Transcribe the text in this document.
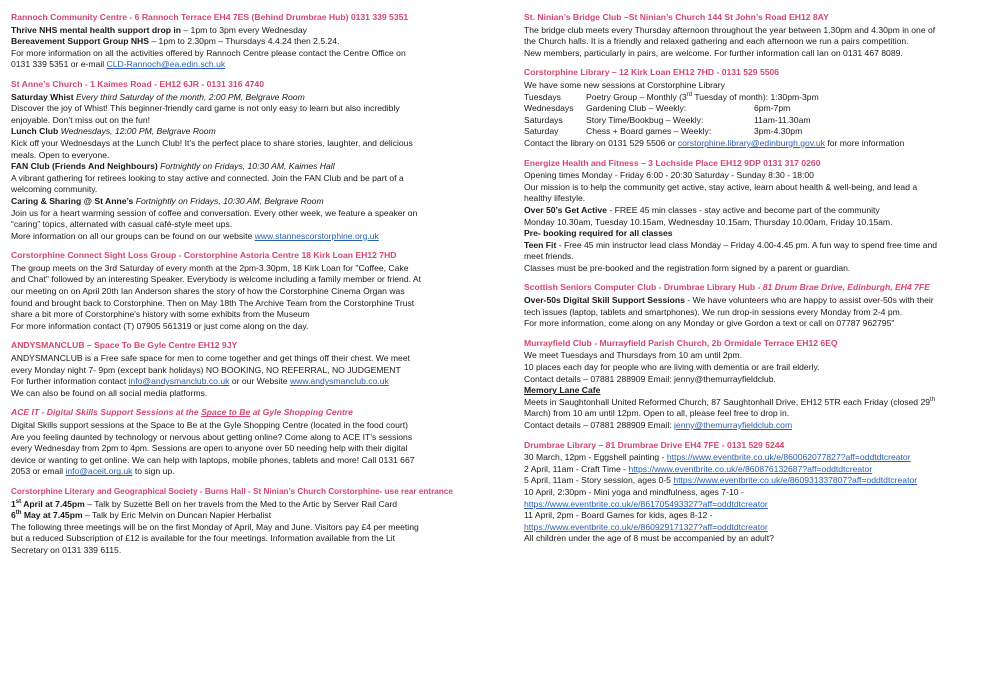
Rannoch Community Centre - 6 Rannoch Terrace EH4 7ES (Behind Drumbrae Hub) 0131 339 5351
Thrive NHS mental health support drop in – 1pm to 3pm every Wednesday
Bereavement Support Group NHS – 1pm to 2.30pm – Thursdays 4.4.24 then 2.5.24.
For more information on all the activities offered by Rannoch Centre please contact the Centre Office on
0131 339 5351 or e-mail CLD-Rannoch@ea.edin.sch.uk
St Anne’s Church - 1 Kaimes Road - EH12 6JR - 0131 316 4740
Saturday Whist Every third Saturday of the month, 2:00 PM, Belgrave Room
Discover the joy of Whist! This beginner-friendly card game is not only easy to learn but also incredibly
enjoyable. Don’t miss out on the fun!
Lunch Club Wednesdays, 12:00 PM, Belgrave Room
Kick off your Wednesdays at the Lunch Club! It’s the perfect place to share stories, laughter, and delicious
meals. Open to everyone.
FAN Club (Friends And Neighbours) Fortnightly on Fridays, 10:30 AM, Kaimes Hall
A vibrant gathering for retirees looking to stay active and connected. Join the FAN Club and be part of a
welcoming community.
Caring & Sharing @ St Anne’s Fortnightly on Fridays, 10:30 AM, Belgrave Room
Join us for a heart warming session of coffee and conversation. Every other week, we feature a speaker on
“caring” topics, alternated with casual café-style meet ups.
More information on all our groups can be found on our website www.stannescorstorphine.org.uk
Corstorphine Connect Sight Loss Group - Corstorphine Astoria Centre 18 Kirk Loan EH12 7HD
The group meets on the 3rd Saturday of every month at the 2pm-3.30pm, 18 Kirk Loan for "Coffee, Cake
and Chat" followed by an interesting Speaker. Everybody is welcome including a family member or friend. At
our meeting on on April 20th Ian Anderson shares the story of how the Corstorphine Cinema Organ was
found and brought back to Corstorphine. Then on May 18th The Archive Team from the Corstorphine Trust
share a bit more of Corstorphine's history with some exhibits from the Museum
For more information contact (T) 07905 561319 or just come along on the day.
ANDYSMANCLUB – Space To Be Gyle Centre EH12 9JY
ANDYSMANCLUB is a Free safe space for men to come together and get things off their chest. We meet
every Monday night 7- 9pm (except bank holidays) NO BOOKING, NO REFERRAL, NO JUDGEMENT
For further information contact info@andysmanclub.co.uk or our Website www.andysmanclub.co.uk
We can also be found on all social media platforms.
ACE IT - Digital Skills Support Sessions at the Space to Be at Gyle Shopping Centre
Digital Skills support sessions at the Space to Be at the Gyle Shopping Centre (located in the food court)
Are you feeling daunted by technology or nervous about getting online? Come along to ACE IT’s sessions
every Wednesday from 2pm to 4pm. Sessions are open to anyone over 50 needing help with their digital
device or wanting to get online. We can help with laptops, mobile phones, tablets and more! Call 0131 667
2053 or email info@aceit.org.uk to sign up.
Corstorphine Literary and Geographical Society - Burns Hall - St Ninian’s Church Corstorphine- use rear entrance
1st April at 7.45pm – Talk by Suzette Bell on her travels from the Med to the Artic by Server Rail Card
6th May at 7.45pm – Talk by Eric Melvin on Duncan Napier Herbalist
The following three meetings will be on the first Monday of April, May and June. Visitors pay £4 per meeting
but a reduced Subscription of £12 is available for the four meetings. Information available from the Lit
Secretary on 0131 339 6115.
St. Ninian’s Bridge Club –St Ninian’s Church 144 St John’s Road EH12 8AY
The bridge club meets every Thursday afternoon throughout the year between 1.30pm and 4.30pm in one of
the Church halls. It is a friendly and relaxed gathering and each afternoon we run a pairs competition.
New members, particularly in pairs, are welcome. For further information call Ian on 0131 467 8089.
Corstorphine Library – 12 Kirk Loan EH12 7HD - 0131 529 5506
We have some new sessions at Corstorphine Library
Tuesdays	Poetry Group – Monthly (3rd Tuesday of month): 1:30pm-3pm
Wednesdays	Gardening Club – Weekly:	6pm-7pm
Saturdays	Story Time/Bookbug – Weekly:	11am-11.30am
Saturday	Chess + Board games – Weekly:	3pm-4.30pm
Contact the library on 0131 529 5506 or corstorphine.library@edinburgh.gov.uk for more information
Energize Health and Fitness – 3 Lochside Place EH12 9DP 0131 317 0260
Opening times Monday - Friday 6:00 - 20:30 Saturday - Sunday 8:30 - 18:00
Our mission is to help the community get active, stay active, learn about health & well-being, and lead a
healthy lifestyle.
Over 50’s Get Active - FREE 45 min classes - stay active and become part of the community
Monday 10.30am, Tuesday 10.15am, Wednesday 10.15am, Thursday 10.00am, Friday 10.15am.
Pre- booking required for all classes
Teen Fit - Free 45 min instructor lead class Monday – Friday 4.00-4.45 pm. A fun way to spend free time and
meet friends.
Classes must be pre-booked and the registration form signed by a parent or guardian.
Scottish Seniors Computer Club - Drumbrae Library Hub - 81 Drum Brae Drive, Edinburgh, EH4 7FE
Over-50s Digital Skill Support Sessions - We have volunteers who are happy to assist over-50s with their
tech issues (laptop, tablets and smartphones). We run drop-in sessions every Monday from 2-4 pm.
For more information, come along on any Monday or give Gordon a text or call on 07787 962795"
Murrayfield Club - Murrayfield Parish Church, 2b Ormidale Terrace EH12 6EQ
We meet Tuesdays and Thursdays from 10 am until 2pm.
10 places each day for people who are living with dementia or are frail elderly.
Contact details – 07881 288909 Email: jenny@themurrayfieldclub.
Memory Lane Cafe
Meets in Saughtonhall United Reformed Church, 87 Saughtonhall Drive, EH12 5TR each Friday (closed 29th
March) from 10 am until 12pm. Open to all, please feel free to drop in.
Contact details – 07881 288909 Email: jenny@themurrayfieldclub.com
Drumbrae Library – 81 Drumbrae Drive EH4 7FE - 0131 529 5244
30 March, 12pm - Eggshell painting - https://www.eventbrite.co.uk/e/860062077827?aff=oddtdtcreator
2 April, 11am - Craft Time - https://www.eventbrite.co.uk/e/860876132687?aff=oddtdtcreator
5 April, 11am - Story session, ages 0-5 https://www.eventbrite.co.uk/e/860931337807?aff=oddtdtcreator
10 April, 2:30pm - Mini yoga and mindfulness, ages 7-10 -
https://www.eventbrite.co.uk/e/861705493327?aff=oddtdtcreator
11 April, 2pm - Board Games for kids, ages 8-12 -
https://www.eventbrite.co.uk/e/860929171327?aff=oddtdtcreator
All children under the age of 8 must be accompanied by an adult?
